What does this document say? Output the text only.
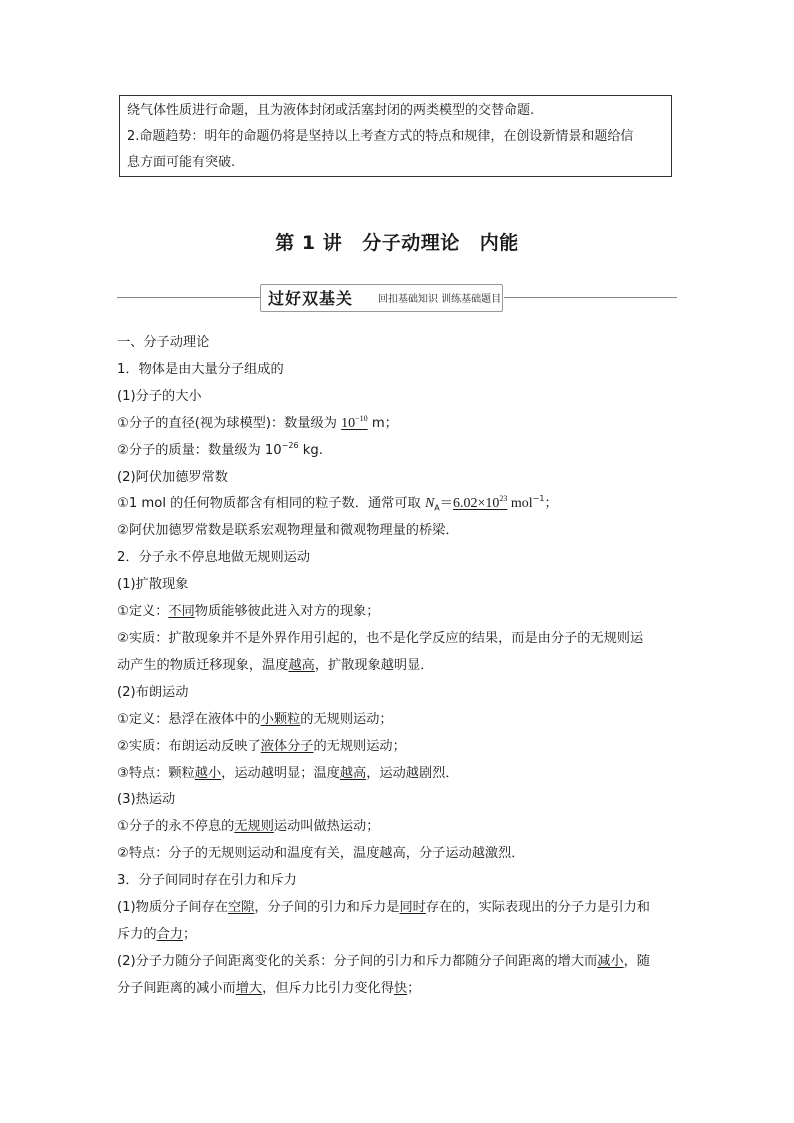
绕气体性质进行命题，且为液体封闭或活塞封闭的两类模型的交替命题.
2.命题趋势：明年的命题仍将是坚持以上考查方式的特点和规律，在创设新情景和题给信
息方面可能有突破.
第 1 讲 分子动理论 内能
过好双基关 回扣基础知识 训练基础题目
一、分子动理论
1．物体是由大量分子组成的
(1)分子的大小
①分子的直径(视为球模型)：数量级为 $10^{-10}$ m；
②分子的质量：数量级为 $10^{-26}$ kg.
(2)阿伏加德罗常数
①1 mol 的任何物质都含有相同的粒子数．通常可取 $N_A=6.02\times 10^{23}$ mol$^{-1}$；
②阿伏加德罗常数是联系宏观物理量和微观物理量的桥梁．
2．分子永不停息地做无规则运动
(1)扩散现象
①定义：不同物质能够彼此进入对方的现象；
②实质：扩散现象并不是外界作用引起的，也不是化学反应的结果，而是由分子的无规则运
动产生的物质迁移现象，温度越高，扩散现象越明显．
(2)布朗运动
①定义：悬浮在液体中的小颗粒的无规则运动；
②实质：布朗运动反映了液体分子的无规则运动；
③特点：颗粒越小，运动越明显；温度越高，运动越剧烈．
(3)热运动
①分子的永不停息的无规则运动叫做热运动；
②特点：分子的无规则运动和温度有关，温度越高，分子运动越激烈．
3．分子间同时存在引力和斥力
(1)物质分子间存在空隙，分子间的引力和斥力是同时存在的，实际表现出的分子力是引力和
斥力的合力；
(2)分子力随分子间距离变化的关系：分子间的引力和斥力都随分子间距离的增大而减小，随
分子间距离的减小而增大，但斥力比引力变化得快；
